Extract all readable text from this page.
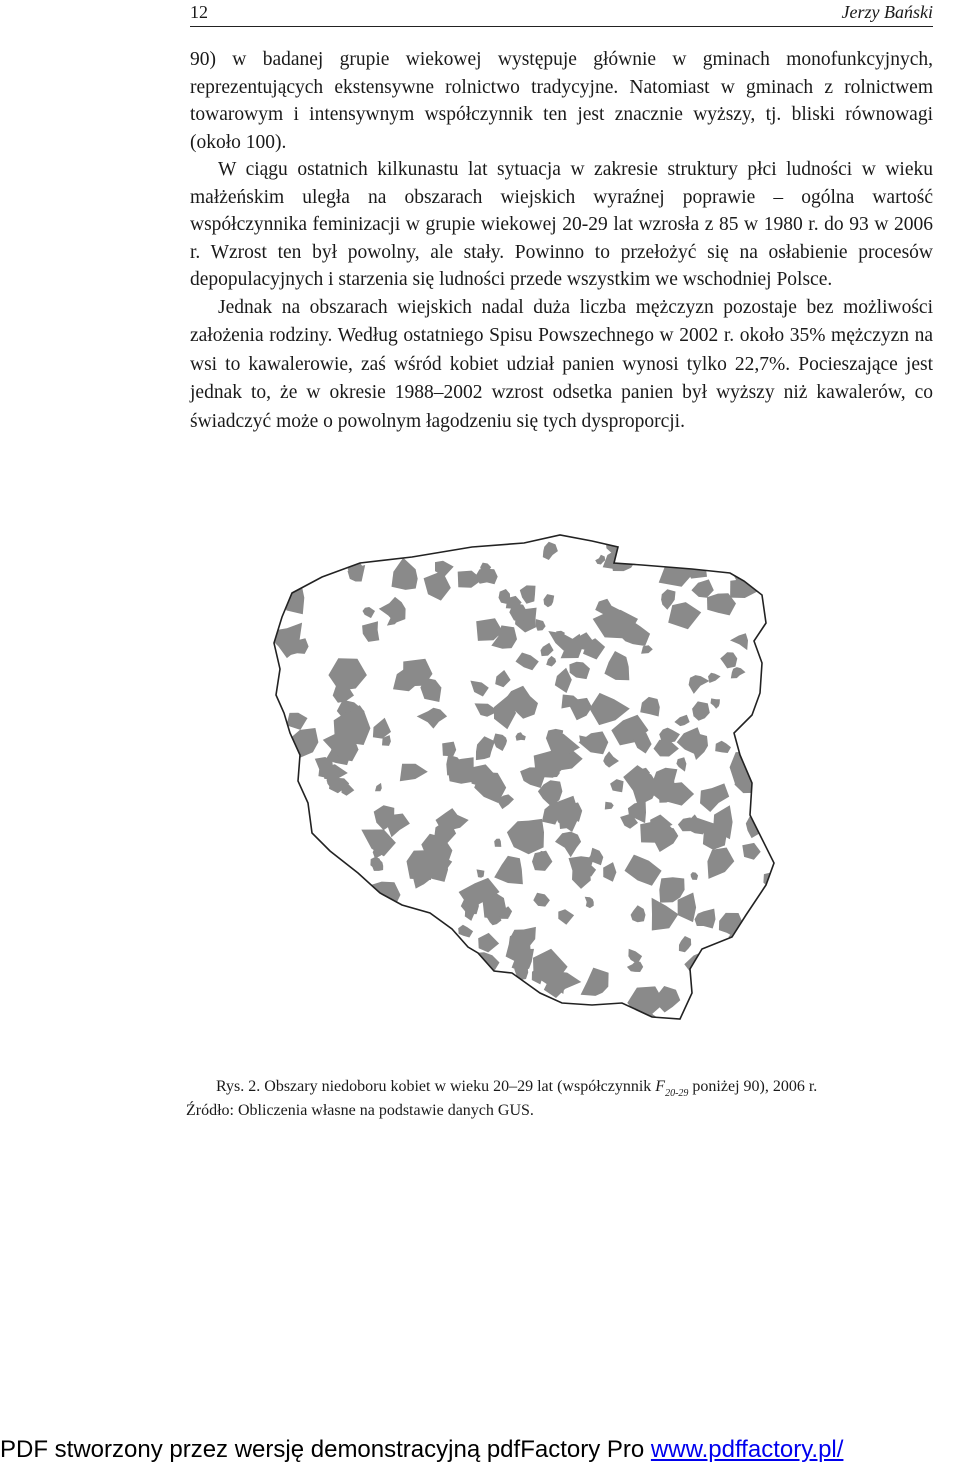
12	Jerzy Bański

90) w badanej grupie wiekowej występuje głównie w gminach monofunkcyjnych, reprezentujących ekstensywne rolnictwo tradycyjne. Natomiast w gminach z rolnictwem towarowym i intensywnym współczynnik ten jest znacznie wyższy, tj. bliski równowagi (około 100).

W ciągu ostatnich kilkunastu lat sytuacja w zakresie struktury płci ludności w wieku małżeńskim uległa na obszarach wiejskich wyraźnej poprawie – ogólna wartość współczynnika feminizacji w grupie wiekowej 20-29 lat wzrosła z 85 w 1980 r. do 93 w 2006 r. Wzrost ten był powolny, ale stały. Powinno to przełożyć się na osłabienie procesów depopulacyjnych i starzenia się ludności przede wszystkim we wschodniej Polsce.

Jednak na obszarach wiejskich nadal duża liczba mężczyzn pozostaje bez możliwości założenia rodziny. Według ostatniego Spisu Powszechnego w 2002 r. około 35% mężczyzn na wsi to kawalerowie, zaś wśród kobiet udział panien wynosi tylko 22,7%. Pocieszające jest jednak to, że w okresie 1988–2002 wzrost odsetka panien był wyższy niż kawalerów, co świadczyć może o powolnym łagodzeniu się tych dysproporcji.

Rys. 2. Obszary niedoboru kobiet w wieku 20–29 lat (współczynnik $F_{20-29}$ poniżej 90), 2006 r.
Źródło: Obliczenia własne na podstawie danych GUS.
PDF stworzony przez wersję demonstracyjną pdfFactory Pro www.pdffactory.pl/
